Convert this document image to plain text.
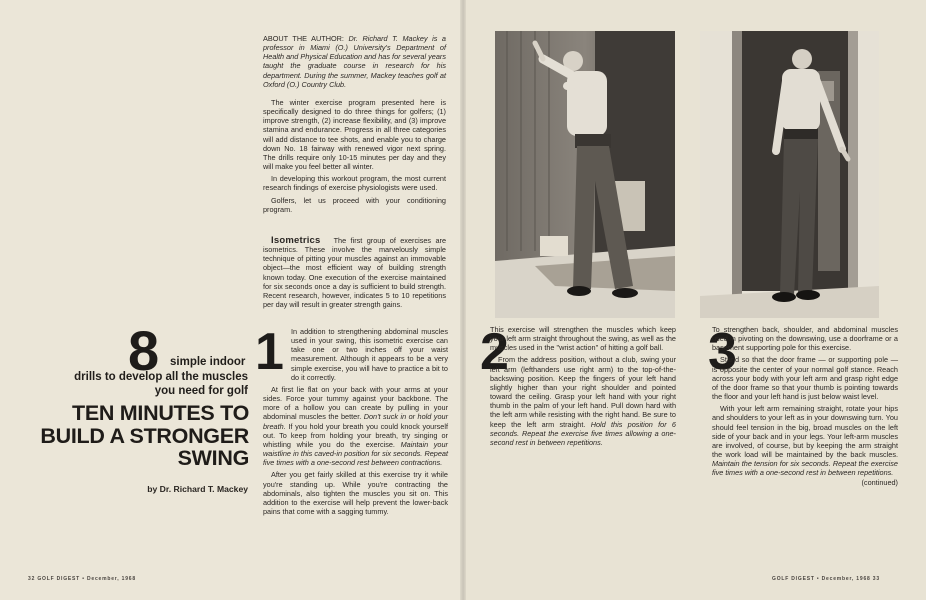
ABOUT THE AUTHOR: Dr. Richard T. Mackey is a professor in Miami (O.) University's Department of Health and Physical Education and has for several years taught the graduate course in research for his department. During the summer, Mackey teaches golf at Oxford (O.) Country Club.

The winter exercise program presented here is specifically designed to do three things for golfers; (1) improve strength, (2) increase flexibility, and (3) improve stamina and endurance. Progress in all three categories will add distance to tee shots, and enable you to charge down No. 18 fairway with renewed vigor next spring. The drills require only 10-15 minutes per day and they will make you feel better all winter.

In developing this workout program, the most current research findings of exercise physiologists were used.

Golfers, let us proceed with your conditioning program.

Isometrics The first group of exercises are isometrics. These involve the marvelously simple technique of pitting your muscles against an immovable object—the most efficient way of building strength known today. One execution of the exercise maintained for six seconds once a day is sufficient to build strength. Recent research, however, indicates 5 to 10 repetitions per day will result in greater strength gains.

8 simple indoor
drills to develop all the muscles you need for golf
TEN MINUTES TO BUILD A STRONGER SWING
by Dr. Richard T. Mackey
1 In addition to strengthening abdominal muscles used in your swing, this isometric exercise can take one or two inches off your waist measurement. Although it appears to be a very simple exercise, you will have to practice a bit to do it correctly.

At first lie flat on your back with your arms at your sides. Force your tummy against your backbone. The more of a hollow you can create by pulling in your abdominal muscles the better. Don't suck in or hold your breath. If you hold your breath you could knock yourself out. To keep from holding your breath, try singing or whistling while you do the exercise. Maintain your waistline in this caved-in position for six seconds. Repeat five times with a one-second rest between contractions.

After you get fairly skilled at this exercise try it while you're standing up. While you're contracting the abdominals, also tighten the muscles you sit on. This addition to the exercise will help prevent the lower-back pains that come with a sagging tummy.

2

This exercise will strengthen the muscles which keep your left arm straight throughout the swing, as well as the muscles used in the "wrist action" of hitting a golf ball.

From the address position, without a club, swing your left arm (lefthanders use right arm) to the top-of-the-backswing position. Keep the fingers of your left hand slightly higher than your right shoulder and pointed toward the ceiling. Grasp your left hand with your right thumb in the palm of your left hand. Pull down hard with the left arm while resisting with the right hand. Be sure to keep the left arm straight. Hold this position for 6 seconds. Repeat the exercise five times allowing a one-second rest in between repetitions.

3

To strengthen back, shoulder, and abdominal muscles used in pivoting on the downswing, use a doorframe or a basement supporting pole for this exercise.

Stand so that the door frame — or supporting pole — is opposite the center of your normal golf stance. Reach across your body with your left arm and grasp right edge of the door frame so that your thumb is pointing towards the floor and your left hand is just below waist level.

With your left arm remaining straight, rotate your hips and shoulders to your left as in your downswing turn. You should feel tension in the big, broad muscles on the left side of your back and in your legs. Your left-arm muscles are involved, of course, but by keeping the arm straight the work load will be maintained by the back muscles. Maintain the tension for six seconds. Repeat the exercise five times with a one-second rest in between repetitions.
(continued)

32 GOLF DIGEST • December, 1968	GOLF DIGEST • December, 1968 33
